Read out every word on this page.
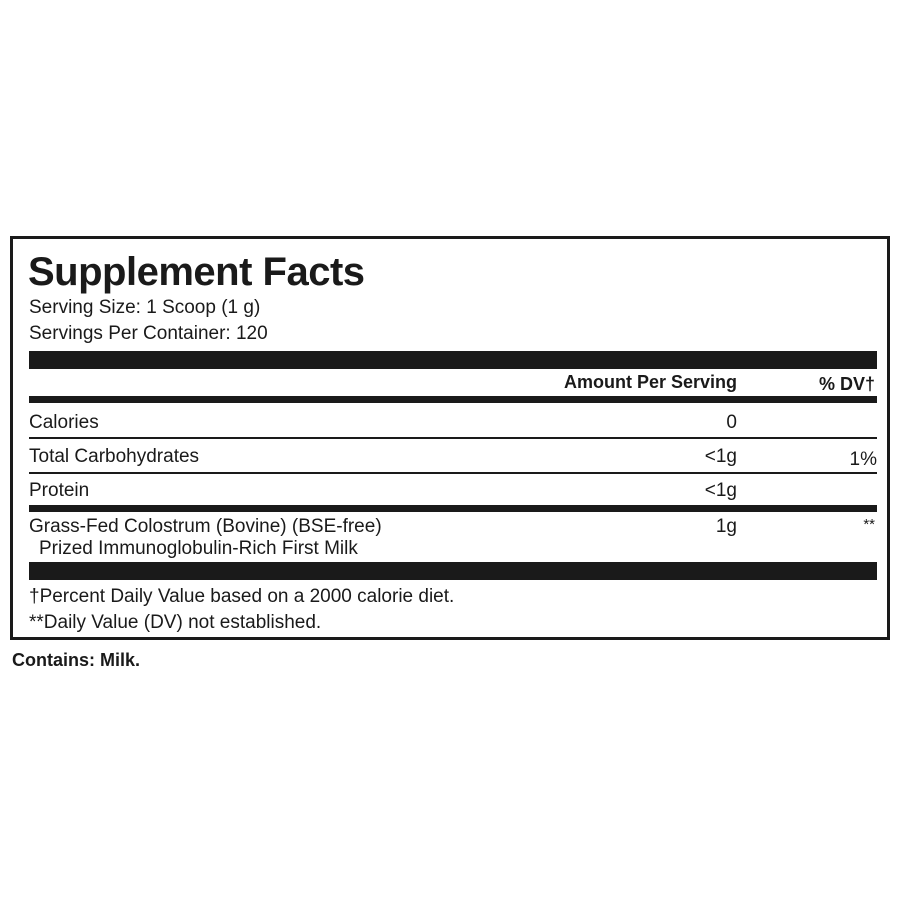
Supplement Facts
Serving Size: 1 Scoop (1 g)
Servings Per Container: 120
Amount Per Serving	% DV†
Calories	0
Total Carbohydrates	<1g	1%
Protein	<1g
Grass-Fed Colostrum (Bovine) (BSE-free)
Prized Immunoglobulin-Rich First Milk
1g	**
†Percent Daily Value based on a 2000 calorie diet.
**Daily Value (DV) not established.
Contains: Milk.
